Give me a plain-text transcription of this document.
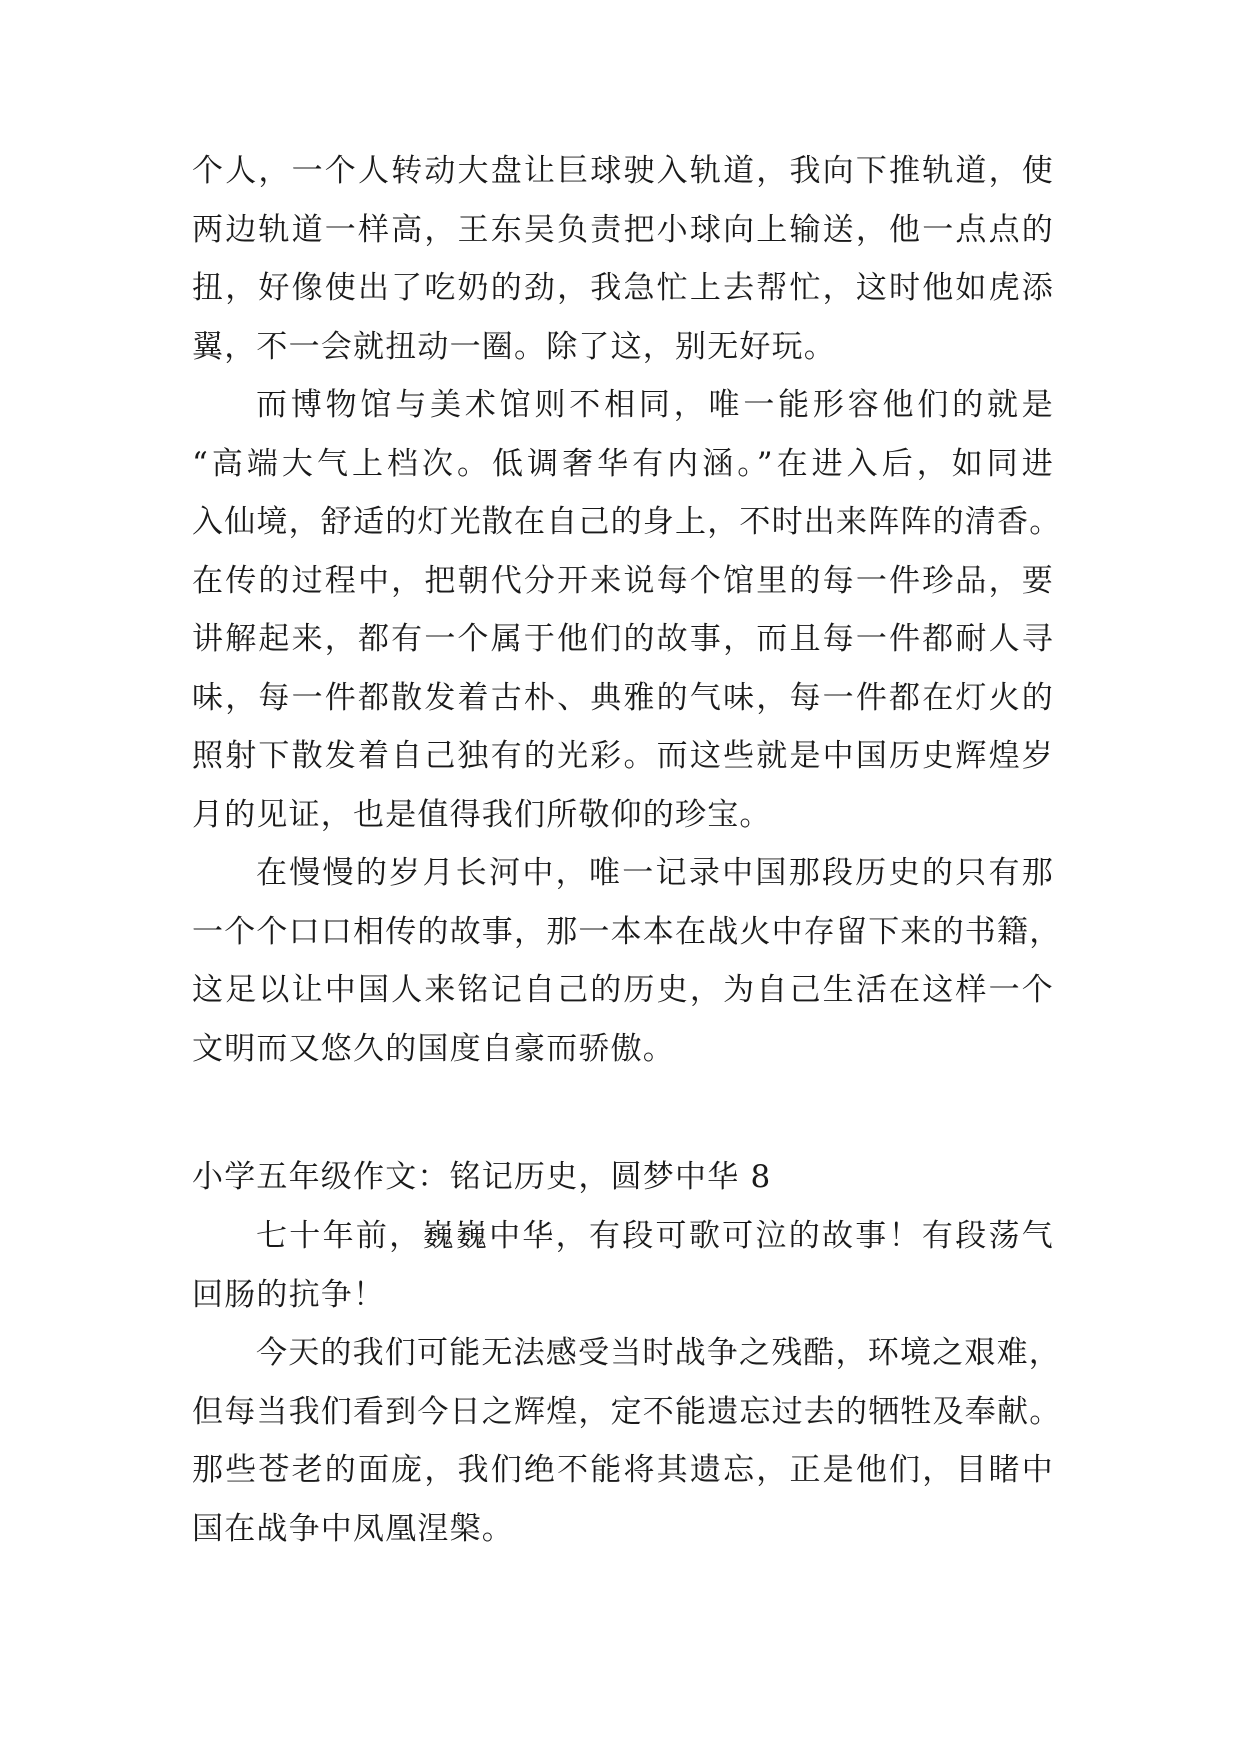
个人，一个人转动大盘让巨球驶入轨道，我向下推轨道，使
两边轨道一样高，王东吴负责把小球向上输送，他一点点的
扭，好像使出了吃奶的劲，我急忙上去帮忙，这时他如虎添
翼，不一会就扭动一圈。除了这，别无好玩。
而博物馆与美术馆则不相同，唯一能形容他们的就是
“高端大气上档次。低调奢华有内涵。”在进入后，如同进
入仙境，舒适的灯光散在自己的身上，不时出来阵阵的清香。
在传的过程中，把朝代分开来说每个馆里的每一件珍品，要
讲解起来，都有一个属于他们的故事，而且每一件都耐人寻
味，每一件都散发着古朴、典雅的气味，每一件都在灯火的
照射下散发着自己独有的光彩。而这些就是中国历史辉煌岁
月的见证，也是值得我们所敬仰的珍宝。
在慢慢的岁月长河中，唯一记录中国那段历史的只有那
一个个口口相传的故事，那一本本在战火中存留下来的书籍，
这足以让中国人来铭记自己的历史，为自己生活在这样一个
文明而又悠久的国度自豪而骄傲。
小学五年级作文：铭记历史，圆梦中华 8
七十年前，巍巍中华，有段可歌可泣的故事！有段荡气
回肠的抗争！
今天的我们可能无法感受当时战争之残酷，环境之艰难，
但每当我们看到今日之辉煌，定不能遗忘过去的牺牲及奉献。
那些苍老的面庞，我们绝不能将其遗忘，正是他们，目睹中
国在战争中凤凰涅槃。
